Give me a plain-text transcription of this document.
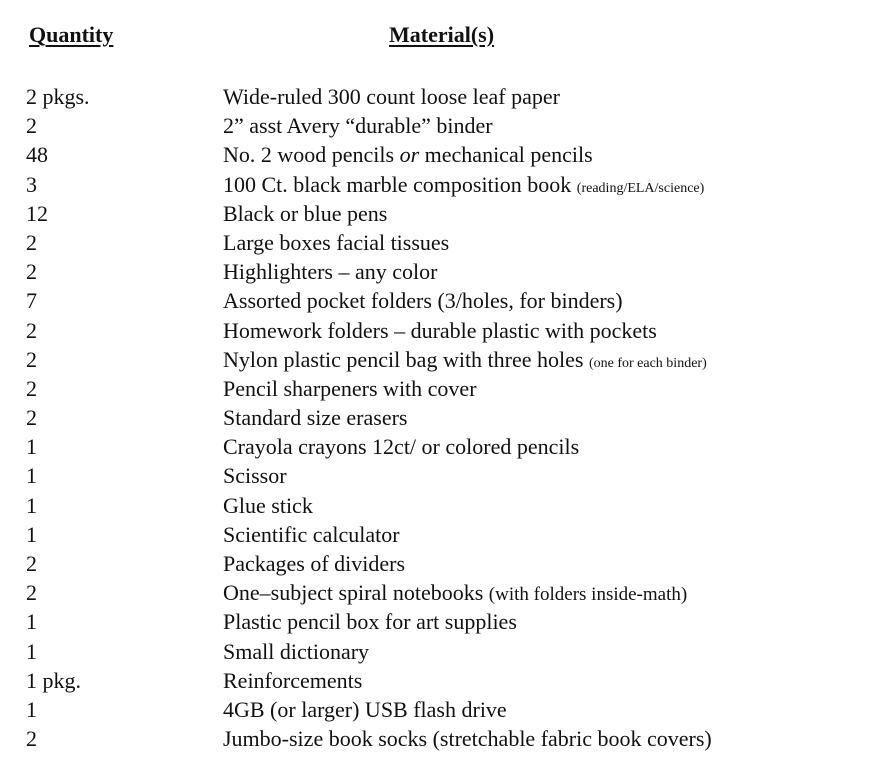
Quantity	Material(s)
2 pkgs.	Wide-ruled 300 count loose leaf paper
2	2” asst Avery “durable” binder
48	No. 2 wood pencils or mechanical pencils
3	100 Ct. black marble composition book (reading/ELA/science)
12	Black or blue pens
2	Large boxes facial tissues
2	Highlighters – any color
7	Assorted pocket folders (3/holes, for binders)
2	Homework folders – durable plastic with pockets
2	Nylon plastic pencil bag with three holes (one for each binder)
2	Pencil sharpeners with cover
2	Standard size erasers
1	Crayola crayons 12ct/ or colored pencils
1	Scissor
1	Glue stick
1	Scientific calculator
2	Packages of dividers
2	One–subject spiral notebooks (with folders inside-math)
1	Plastic pencil box for art supplies
1	Small dictionary
1 pkg.	Reinforcements
1	4GB (or larger) USB flash drive
2	Jumbo-size book socks (stretchable fabric book covers)
